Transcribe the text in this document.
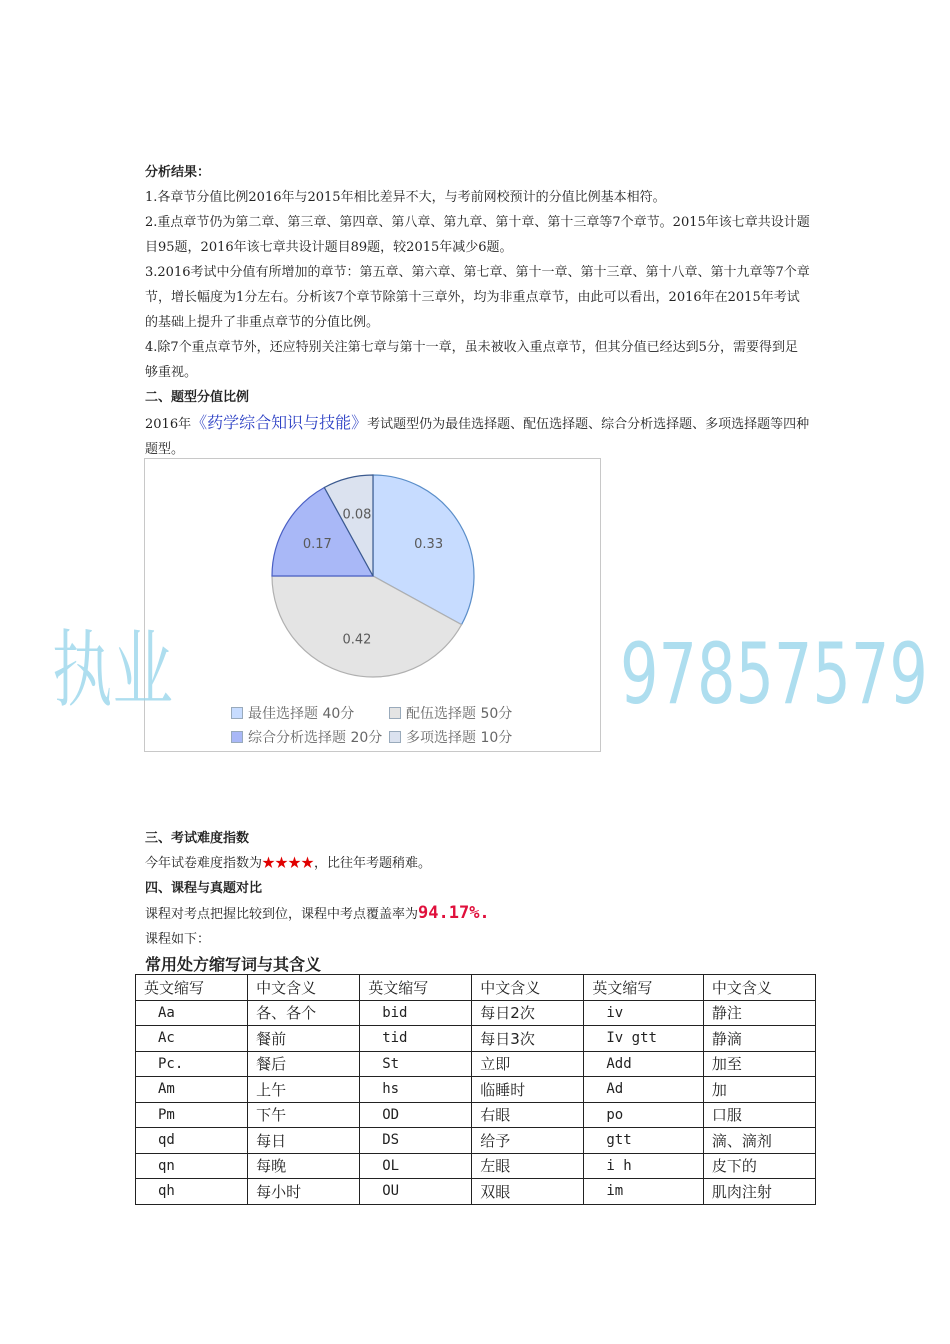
分析结果：

1.各章节分值比例2016年与2015年相比差异不大，与考前网校预计的分值比例基本相符。

2.重点章节仍为第二章、第三章、第四章、第八章、第九章、第十章、第十三章等7个章节。2015年该七章共设计题目95题，2016年该七章共设计题目89题，较2015年减少6题。

3.2016考试中分值有所增加的章节：第五章、第六章、第七章、第十一章、第十三章、第十八章、第十九章等7个章节，增长幅度为1分左右。分析该7个章节除第十三章外，均为非重点章节，由此可以看出，2016年在2015年考试的基础上提升了非重点章节的分值比例。

4.除7个重点章节外，还应特别关注第七章与第十一章，虽未被收入重点章节，但其分值已经达到5分，需要得到足够重视。

二、题型分值比例

2016年《药学综合知识与技能》考试题型仍为最佳选择题、配伍选择题、综合分析选择题、多项选择题等四种题型。

0.33
0.42
0.17
0.08
最佳选择题 40分	配伍选择题 50分
综合分析选择题 20分	多项选择题 10分
执业	97857579

三、考试难度指数

今年试卷难度指数为★★★★，比往年考题稍难。

四、课程与真题对比

课程对考点把握比较到位，课程中考点覆盖率为94.17%.

课程如下：

常用处方缩写词与其含义
英文缩写	中文含义	英文缩写	中文含义	英文缩写	中文含义
Aa	各、各个	bid	每日2次	iv	静注
Ac	餐前	tid	每日3次	Iv gtt	静滴
Pc.	餐后	St	立即	Add	加至
Am	上午	hs	临睡时	Ad	加
Pm	下午	OD	右眼	po	口服
qd	每日	DS	给予	gtt	滴、滴剂
qn	每晚	OL	左眼	i h	皮下的
qh	每小时	OU	双眼	im	肌肉注射
